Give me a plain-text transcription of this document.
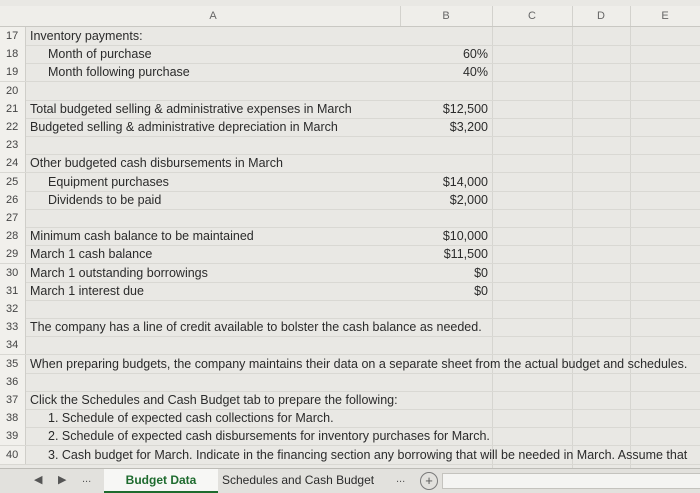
A	B	C	D	E
17 Inventory payments:
18	Month of purchase	60%
19	Month following purchase	40%
20
21 Total budgeted selling & administrative expenses in March	$12,500
22 Budgeted selling & administrative depreciation in March	$3,200
23
24 Other budgeted cash disbursements in March
25	Equipment purchases	$14,000
26	Dividends to be paid	$2,000
27
28 Minimum cash balance to be maintained	$10,000
29 March 1 cash balance	$11,500
30 March 1 outstanding borrowings	$0
31 March 1 interest due	$0
32
33 The company has a line of credit available to bolster the cash balance as needed.
34
35 When preparing budgets, the company maintains their data on a separate sheet from the actual budget and schedules.
36
37 Click the Schedules and Cash Budget tab to prepare the following:
38	1. Schedule of expected cash collections for March.
39	2. Schedule of expected cash disbursements for inventory purchases for March.
40	3. Cash budget for March. Indicate in the financing section any borrowing that will be needed in March. Assume that
◀ ▶ ...	Budget Data	Schedules and Cash Budget	...	+
